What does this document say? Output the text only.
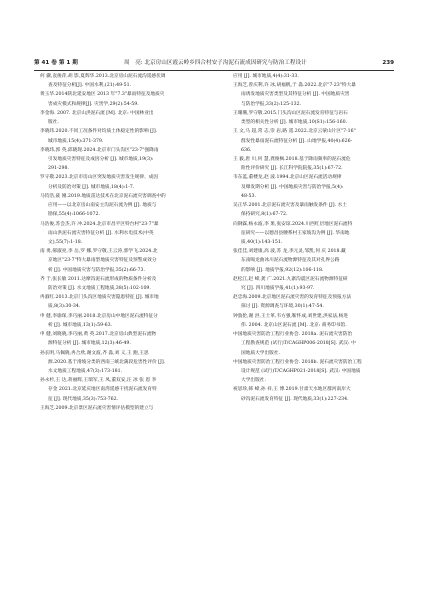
第 41 卷 第 1 期	周　亮: 北京房山区霞云岭乡四合村安子沟泥石流成因研究与防治工程设计	239

何 骥,袁俊萍,胡 影,夏辉华.2013.北京房山泥石流沟遥感伏调
查及特征分析[J]. 中国水利,(21):49-51.

黄玉华.2014陕北延安地区 2013 年"7.3"暴雨特征及地质灾
害成灾模式和规律[J]. 灾害学,29(2):54-59.

李金海. 2007. 北京山洪泥石流 [M]. 北京: 中国林业出
版社.

李晓玮.2020.不同工况条件对均质土体稳定性的影响 [J].
城市地质,15(4):371-379.

李晓玮,郭 英,邱晓现.2024.北京市门头沟区"23·7"强降雨
引发地质灾害特征及成因分析 [J]. 城市地质,19(3):
291-298.

罗守敬.2023.北京市房山区突发地质灾害发生规律、成因
分析及防治对策 [J]. 城市地质,18(4):1-7.

马钧浩,聂 刚.2019.地质雷达技术在北京泥石流灾害调查中的
应用——以北京房山南安主沟泥石流为例 [J]. 地质与
勘探,55(4):1066-1072.

马浩俊,苏会杰,许 冲.2024.北京市昌平区特台村"23·7"暴
雨山洪泥石流灾害特征分析 [J]. 水利水电技术(中英
文),55(7):1-18.

南 勇,郝淑亮,李 岳,罗 娜,罗守敬,王云涛,郭学飞.2024.北
京地区"23·7"特大暴雨型地质灾害特征及预警成效分
析 [J]. 中国地质灾害与防治学报,35(2):66-73.

齐 于,张长敏 2011.达摩沟泥石流形成的物质条件分析及
防治对策 [J]. 水文地质工程地质,38(5):102-109.

冉淑红.2013.北京门头沟区地质灾害隐患特征 [J]. 城市地
质,8(3):30-34.

申 健,李瑜琛,李巧丽.2018.北京房山中地区泥石流特征分
析 [J]. 城市地质,13(1):59-63.

申 健,刘晓晓,李巧丽,黄 英.2017.北京房山典型泥石流物
源特征分析 [J]. 城市地质,12(3):46-49.

孙长明,马佩晓,冉合欣,谢文波,齐 淼,刘 义,王 跑,王思
源.2020.基于滑坡分类的西南三峡北蒲段危害性评价 [J].
水文地质工程地质,47(3):173-181.

孙永杉,王 达,蒋丽辉,王瑞军,王 凤,董双安,汪 冰 张 恩 李
存金 2021.北京延庆地区南湾遥感干扰泥石流发育特
征 [J]. 现代地质,35(3):753-762.

王海芝.2009.北京景区泥石流灾害情评估模型的建立与

应用 [J]. 城市地质,4(4):31-33.

王海芝,曾庆利,许 冰,胡福帆,于 淼.2022.北京"7·23"特大暴
雨诱发地质灾害类型及其特征分析 [J]. 中国地质灾害
与防治学报,33(2):125-132.

王珊珊,罗守敬.2015.门头沟山区泥石流发育特征与岩石
类型的相关性分析 [J]. 城市地质,10(S1):156-160.

王 文,马 超,常 志,崇 岩,路 遥.2022.北京云蒙山片区"7·16"
群发性暴雨泥石流特征分析 [J]. 山地学报,40(4):626-
636.

王 毅,唐 川,何 慧,龚俊枫.2018.基于降雨频率的泥石流危
险性评价研究 [J]. 长江科学院院报,35(1):67-72.

韦东蓝,董楼龙,赵 波.1994.北京山区泥石流活动规律
及爆发期分析 [J]. 中国地质灾害与防治学报,5(4):
48-53.

吴正华.2001.北京泥石流灾害及暴雨触发条件 [J]. 水土
保持研究,8(1):67-72.

向钢霖,杨永波,李 果,张安琼.2024.川西红层地区泥石流特
征研究——以德昌县腰系村王家坡沟为例 [J]. 华南地
质,40(1):143-151.

张佳佳,刘建康,高 波,苏 龙,李元灵,邹凯,何 庆 2018.藏
东南喝龙曲冰川泥石流物源特征及其对孔界公路
的影响 [J]. 地质学报,92(12):106-118.

赵松江,赵 峰,龚 广.2021.九寨沟震区泥石流物源特征研
究 [J]. 四川地质学报,41(1):93-97.

赵忠海.2009.北京地区泥石流灾害的发育特征及预报方法
探讨 [J]. 资源调查与环境,30(1):47-54.

钟敦伦,谢 洪,王士革,韦方强,靳怀成,刘世建,洪家法,杨进
伟. 2004. 北京山区泥石流 [M]. 北京: 商务印书馆.

中国地质灾害防治工程行业协会. 2018a. 泥石流灾害防治
工程勘查规范 (试行)T/CAGHP006-2018[S]. 武汉: 中
国地质大学出版社.

中国地质灾害防治工程行业协会. 2018b. 泥石流灾害防治工程
设计规范 (试行)T/CAGHP021-2018[S]. 武汉: 中国地质
大学出版社.

祝思珍,韩 峰,孙 祥,王 博.2019.甘肃天水地区群河南岸大
砂沟泥石流发育特征 [J]. 现代地质,33(1):227-234.
